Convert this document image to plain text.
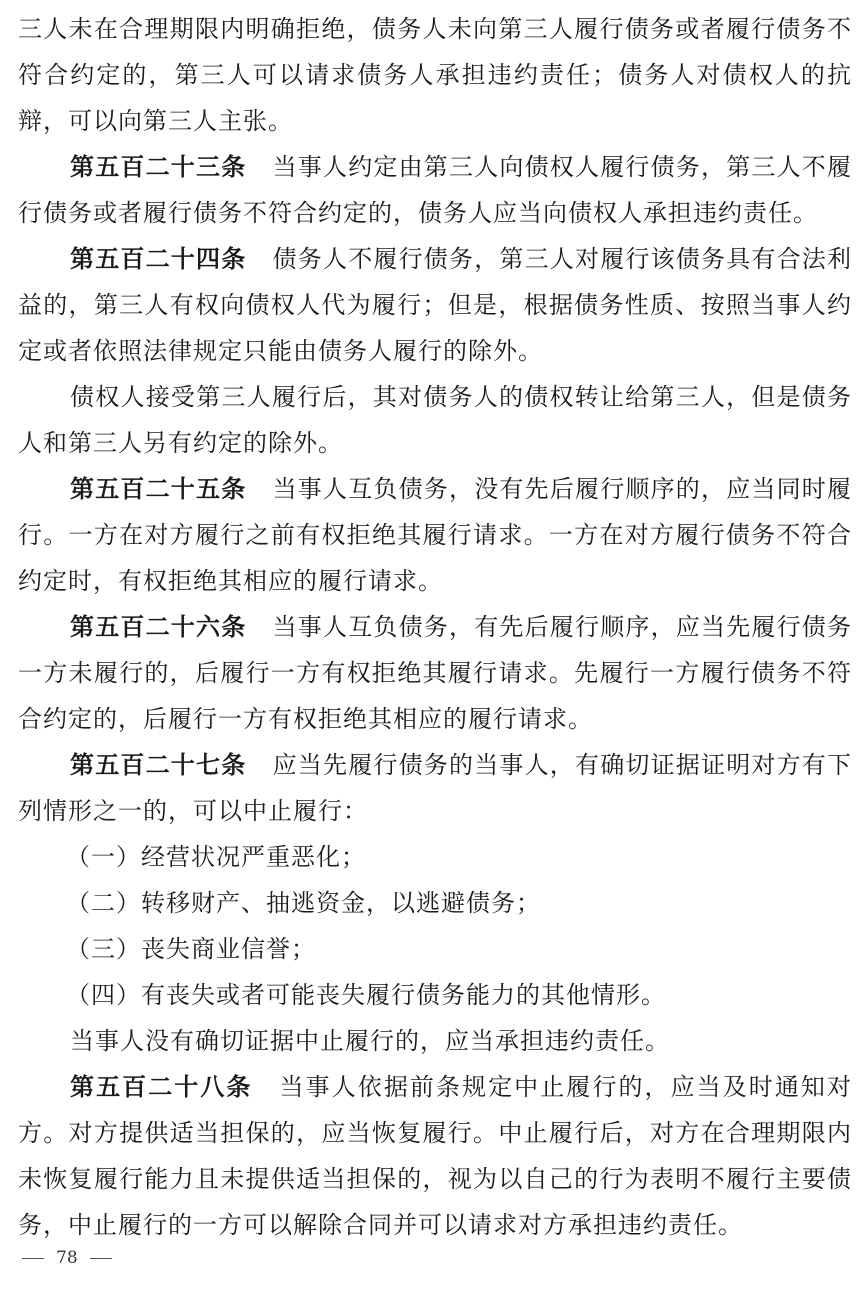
三人未在合理期限内明确拒绝，债务人未向第三人履行债务或者履行债务不符合约定的，第三人可以请求债务人承担违约责任；债务人对债权人的抗辩，可以向第三人主张。

第五百二十三条 当事人约定由第三人向债权人履行债务，第三人不履行债务或者履行债务不符合约定的，债务人应当向债权人承担违约责任。

第五百二十四条 债务人不履行债务，第三人对履行该债务具有合法利益的，第三人有权向债权人代为履行；但是，根据债务性质、按照当事人约定或者依照法律规定只能由债务人履行的除外。

债权人接受第三人履行后，其对债务人的债权转让给第三人，但是债务人和第三人另有约定的除外。

第五百二十五条 当事人互负债务，没有先后履行顺序的，应当同时履行。一方在对方履行之前有权拒绝其履行请求。一方在对方履行债务不符合约定时，有权拒绝其相应的履行请求。

第五百二十六条 当事人互负债务，有先后履行顺序，应当先履行债务一方未履行的，后履行一方有权拒绝其履行请求。先履行一方履行债务不符合约定的，后履行一方有权拒绝其相应的履行请求。

第五百二十七条 应当先履行债务的当事人，有确切证据证明对方有下列情形之一的，可以中止履行：

（一）经营状况严重恶化；

（二）转移财产、抽逃资金，以逃避债务；

（三）丧失商业信誉；

（四）有丧失或者可能丧失履行债务能力的其他情形。

当事人没有确切证据中止履行的，应当承担违约责任。

第五百二十八条 当事人依据前条规定中止履行的，应当及时通知对方。对方提供适当担保的，应当恢复履行。中止履行后，对方在合理期限内未恢复履行能力且未提供适当担保的，视为以自己的行为表明不履行主要债务，中止履行的一方可以解除合同并可以请求对方承担违约责任。

78
